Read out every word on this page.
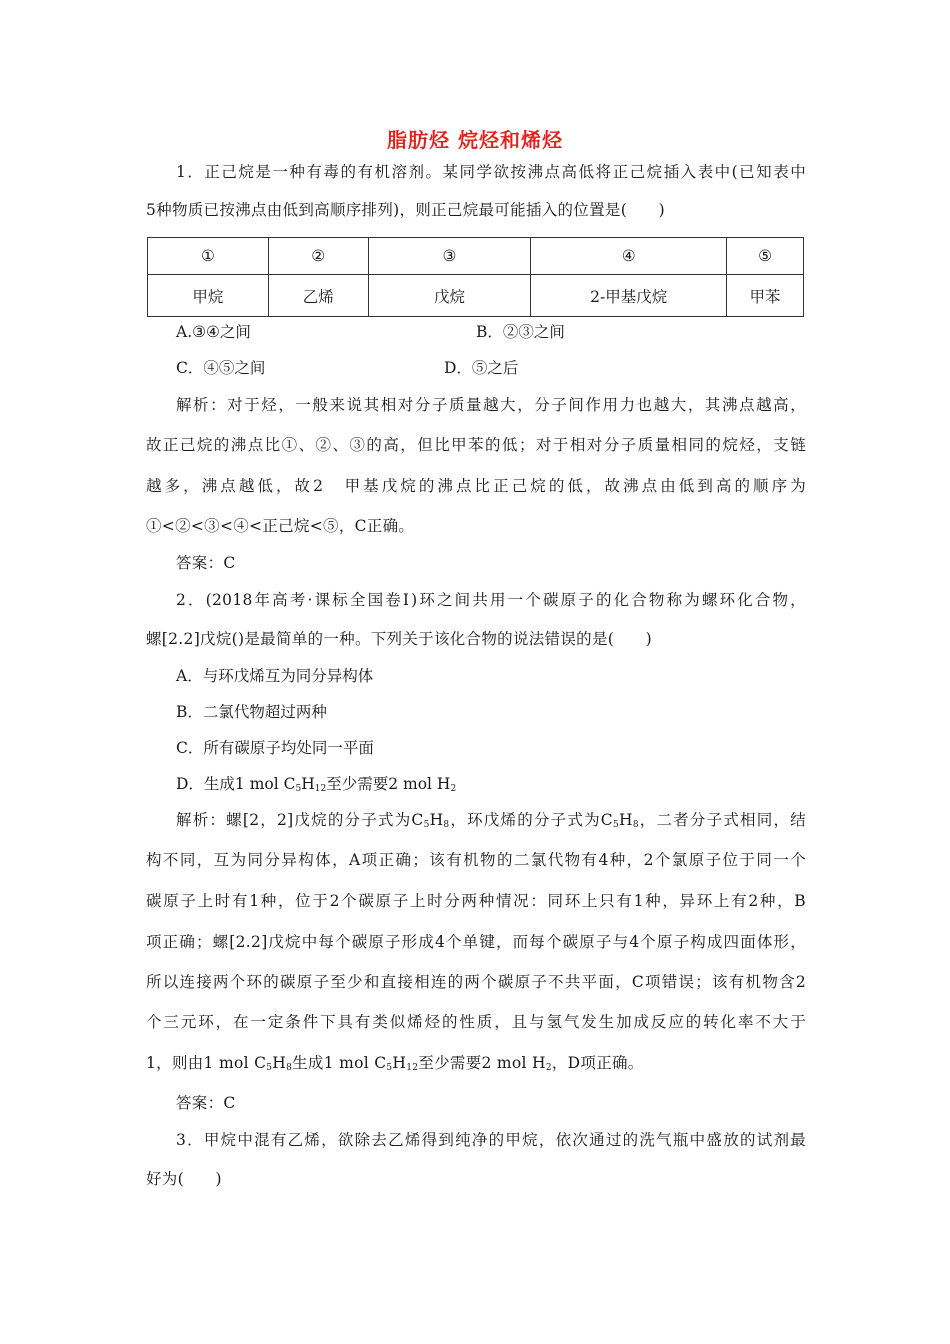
脂肪烃 烷烃和烯烃
1．正己烷是一种有毒的有机溶剂。某同学欲按沸点高低将正己烷插入表中(已知表中
5种物质已按沸点由低到高顺序排列)，则正己烷最可能插入的位置是(　　)
①	②	③	④	⑤
甲烷	乙烯	戊烷	2-甲基戊烷	甲苯
A.③④之间	B．②③之间
C．④⑤之间	D．⑤之后
解析：对于烃，一般来说其相对分子质量越大，分子间作用力也越大，其沸点越高，
故正己烷的沸点比①、②、③的高，但比甲苯的低；对于相对分子质量相同的烷烃，支链
越多，沸点越低，故2　甲基戊烷的沸点比正己烷的低，故沸点由低到高的顺序为
①<②<③<④<正己烷<⑤，C正确。
答案：C
2．(2018年高考·课标全国卷Ⅰ)环之间共用一个碳原子的化合物称为螺环化合物，
螺[2.2]戊烷()是最简单的一种。下列关于该化合物的说法错误的是(　　)
A．与环戊烯互为同分异构体
B．二氯代物超过两种
C．所有碳原子均处同一平面
D．生成1 mol $C_5H_{12}$至少需要2 mol $H_2$
解析：螺[2，2]戊烷的分子式为$C_5H_8$，环戊烯的分子式为$C_5H_8$，二者分子式相同，结
构不同，互为同分异构体，A项正确；该有机物的二氯代物有4种，2个氯原子位于同一个
碳原子上时有1种，位于2个碳原子上时分两种情况：同环上只有1种，异环上有2种，B
项正确；螺[2.2]戊烷中每个碳原子形成4个单键，而每个碳原子与4个原子构成四面体形，
所以连接两个环的碳原子至少和直接相连的两个碳原子不共平面，C项错误；该有机物含2
个三元环，在一定条件下具有类似烯烃的性质，且与氢气发生加成反应的转化率不大于
1，则由1 mol $C_5H_8$生成1 mol $C_5H_{12}$至少需要2 mol $H_2$，D项正确。
答案：C
3．甲烷中混有乙烯，欲除去乙烯得到纯净的甲烷，依次通过的洗气瓶中盛放的试剂最
好为(　　)
